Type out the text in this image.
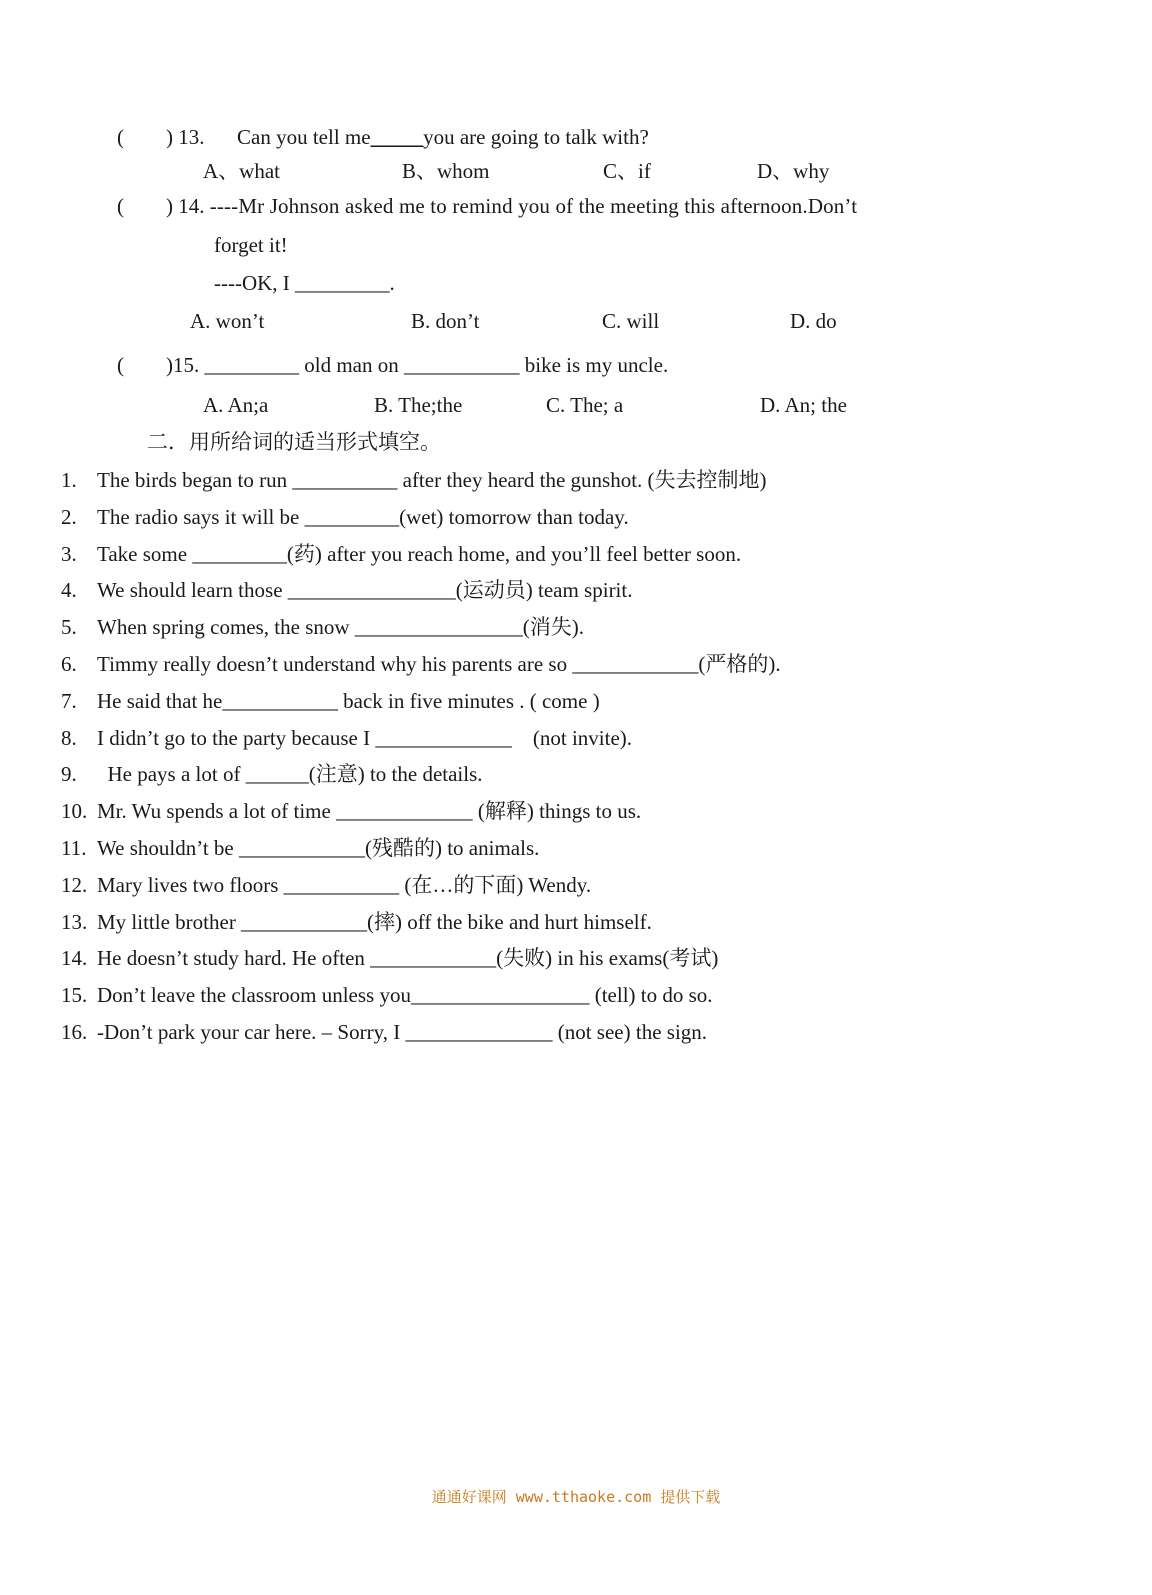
(        ) 13. Can you tell me_____you are going to talk with?
A、what	B、whom	C、if	D、why
(        ) 14. ----Mr Johnson asked me to remind you of the meeting this afternoon.Don’t
forget it!
----OK, I _________.
A. won’t	B. don’t	C. will	D. do
(        )15. _________ old man on ___________ bike is my uncle.
A. An;a	B. The;the	C. The; a	D. An; the
二．用所给词的适当形式填空。
1. The birds began to run __________ after they heard the gunshot. (失去控制地)
2. The radio says it will be _________(wet) tomorrow than today.
3. Take some _________(药) after you reach home, and you’ll feel better soon.
4. We should learn those ________________(运动员) team spirit.
5. When spring comes, the snow ________________(消失).
6. Timmy really doesn’t understand why his parents are so ____________(严格的).
7. He said that he___________ back in five minutes . ( come )
8. I didn’t go to the party because I _____________    (not invite).
9. He pays a lot of ______(注意) to the details.
10. Mr. Wu spends a lot of time _____________ (解释) things to us.
11. We shouldn’t be ____________(残酷的) to animals.
12. Mary lives two floors ___________ (在…的下面) Wendy.
13. My little brother ____________(摔) off the bike and hurt himself.
14. He doesn’t study hard. He often ____________(失败) in his exams(考试)
15. Don’t leave the classroom unless you_________________ (tell) to do so.
16. -Don’t park your car here. – Sorry, I ______________ (not see) the sign.
通通好课网 www.tthaoke.com 提供下载
